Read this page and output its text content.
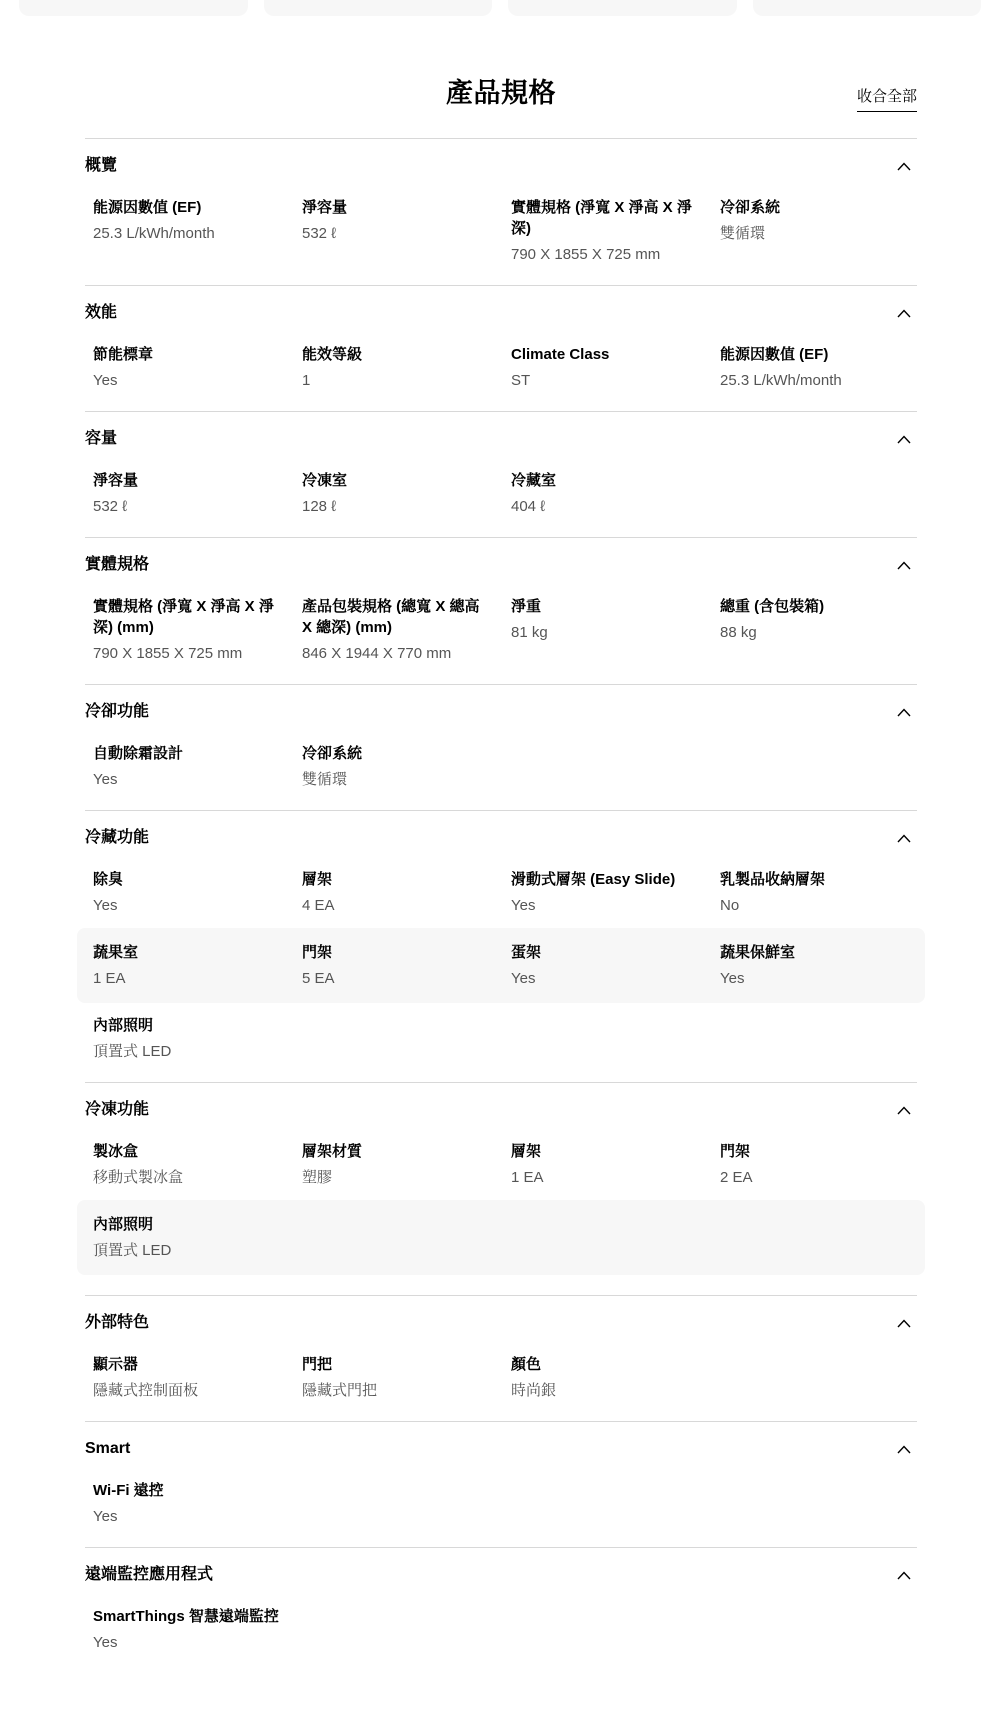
產品規格	收合全部
概覽
能源因數值 (EF)
25.3 L/kWh/month
淨容量
532 ℓ
實體規格 (淨寬 X 淨高 X 淨深)
790 X 1855 X 725 mm
冷卻系統
雙循環
效能
節能標章
Yes
能效等級
1
Climate Class
ST
能源因數值 (EF)
25.3 L/kWh/month
容量
淨容量
532 ℓ
冷凍室
128 ℓ
冷藏室
404 ℓ
實體規格
實體規格 (淨寬 X 淨高 X 淨深) (mm)
790 X 1855 X 725 mm
產品包裝規格 (總寬 X 總高 X 總深) (mm)
846 X 1944 X 770 mm
淨重
81 kg
總重 (含包裝箱)
88 kg
冷卻功能
自動除霜設計
Yes
冷卻系統
雙循環
冷藏功能
除臭
Yes
層架
4 EA
滑動式層架 (Easy Slide)
Yes
乳製品收納層架
No
蔬果室
1 EA
門架
5 EA
蛋架
Yes
蔬果保鮮室
Yes
內部照明
頂置式 LED
冷凍功能
製冰盒
移動式製冰盒
層架材質
塑膠
層架
1 EA
門架
2 EA
內部照明
頂置式 LED
外部特色
顯示器
隱藏式控制面板
門把
隱藏式門把
顏色
時尚銀
Smart
Wi-Fi 遠控
Yes
遠端監控應用程式
SmartThings 智慧遠端監控
Yes
